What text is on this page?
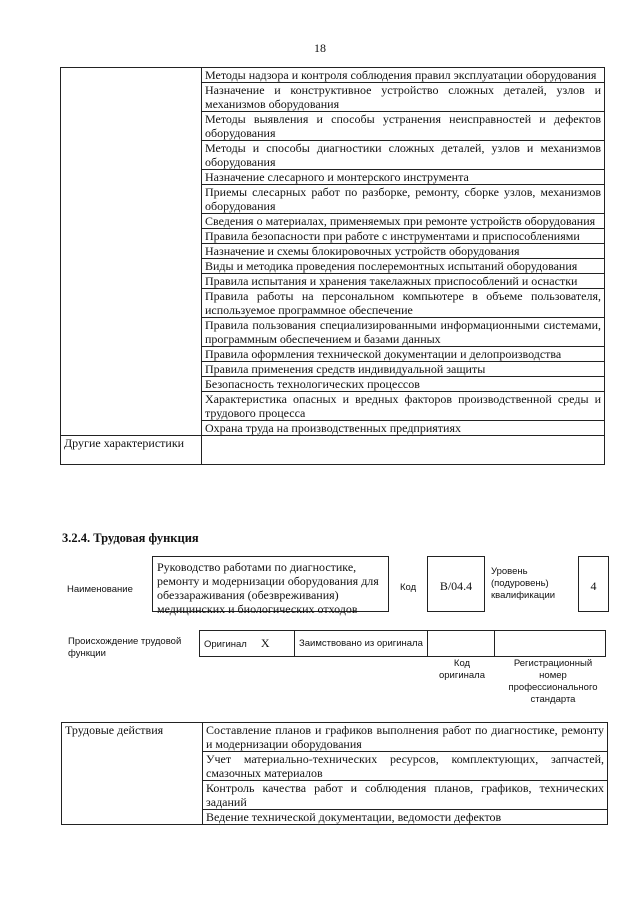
18
	Методы надзора и контроля соблюдения правил эксплуатации оборудования
	Назначение и конструктивное устройство сложных деталей, узлов и механизмов оборудования
	Методы выявления и способы устранения неисправностей и дефектов оборудования
	Методы и способы диагностики сложных деталей, узлов и механизмов оборудования
	Назначение слесарного и монтерского инструмента
	Приемы слесарных работ по разборке, ремонту, сборке узлов, механизмов оборудования
	Сведения о материалах, применяемых при ремонте устройств оборудования
	Правила безопасности при работе с инструментами и приспособлениями
	Назначение и схемы блокировочных устройств оборудования
	Виды и методика проведения послеремонтных испытаний оборудования
	Правила испытания и хранения такелажных приспособлений и оснастки
	Правила работы на персональном компьютере в объеме пользователя, используемое программное обеспечение
	Правила пользования специализированными информационными системами, программным обеспечением и базами данных
	Правила оформления технической документации и делопроизводства
	Правила применения средств индивидуальной защиты
	Безопасность технологических процессов
	Характеристика опасных и вредных факторов производственной среды и трудового процесса
	Охрана труда на производственных предприятиях
Другие характеристики	
3.2.4. Трудовая функция
Наименование
Руководство работами по диагностике, ремонту и модернизации оборудования для обеззараживания (обезвреживания) медицинских и биологических отходов
Код	В/04.4
Уровень (подуровень) квалификации
4
Происхождение трудовой функции
Оригинал X	Заимствовано из оригинала		
Код оригинала
Регистрационный номер профессионального стандарта
Трудовые действия	Составление планов и графиков выполнения работ по диагностике, ремонту и модернизации оборудования
Учет материально-технических ресурсов, комплектующих, запчастей, смазочных материалов
Контроль качества работ и соблюдения планов, графиков, технических заданий
Ведение технической документации, ведомости дефектов
